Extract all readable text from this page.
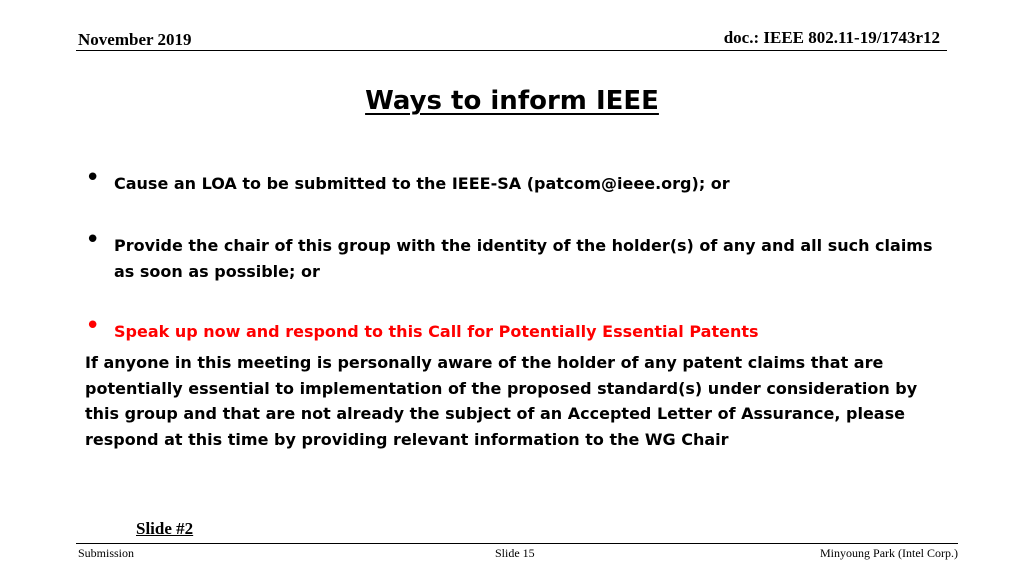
November 2019	doc.: IEEE 802.11-19/1743r12
Ways to inform IEEE
• Cause an LOA to be submitted to the IEEE-SA (patcom@ieee.org); or
• Provide the chair of this group with the identity of the holder(s) of any and all such claims as soon as possible; or
• Speak up now and respond to this Call for Potentially Essential Patents
If anyone in this meeting is personally aware of the holder of any patent claims that are potentially essential to implementation of the proposed standard(s) under consideration by this group and that are not already the subject of an Accepted Letter of Assurance, please respond at this time by providing relevant information to the WG Chair
Slide #2
Submission	Slide 15	Minyoung Park (Intel Corp.)
